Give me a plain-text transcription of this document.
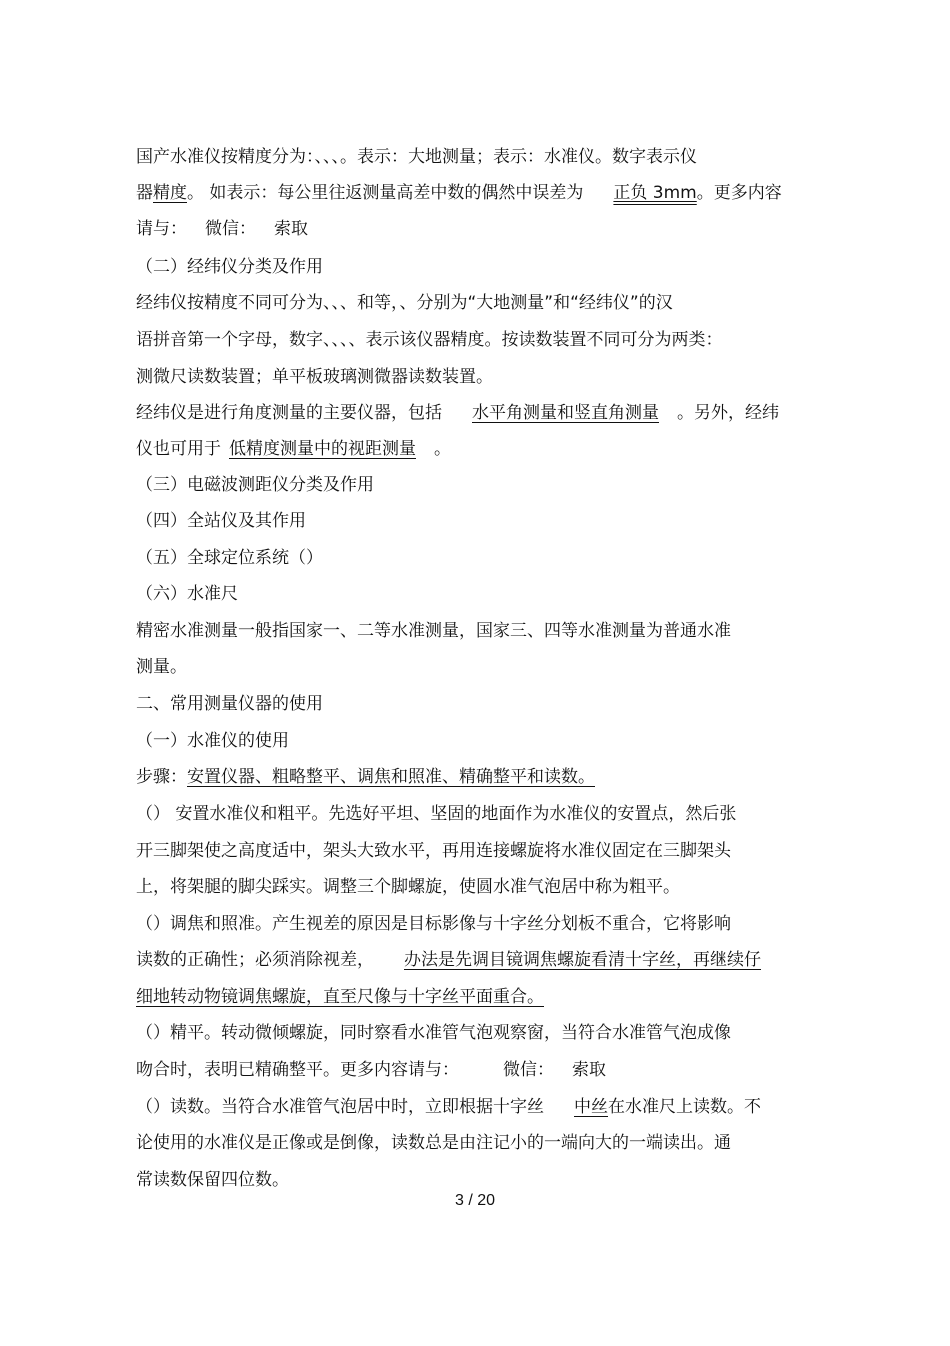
国产水准仪按精度分为：、、、。表示：大地测量；表示：水准仪。数字表示仪
器精度。 如表示：每公里往返测量高差中数的偶然中误差为 正负 3mm。更多内容
请与： 微信： 索取
（二）经纬仪分类及作用
经纬仪按精度不同可分为、、、和等，、分别为“大地测量”和“经纬仪”的汉
语拼音第一个字母，数字、、、、表示该仪器精度。按读数装置不同可分为两类：
测微尺读数装置；单平板玻璃测微器读数装置。
经纬仪是进行角度测量的主要仪器，包括 水平角测量和竖直角测量 。另外，经纬
仪也可用于 低精度测量中的视距测量 。
（三）电磁波测距仪分类及作用
（四）全站仪及其作用
（五）全球定位系统（）
（六）水准尺
精密水准测量一般指国家一、二等水准测量，国家三、四等水准测量为普通水准
测量。
二、常用测量仪器的使用
（一）水准仪的使用
步骤：安置仪器、粗略整平、调焦和照准、精确整平和读数。
（） 安置水准仪和粗平。先选好平坦、坚固的地面作为水准仪的安置点，然后张
开三脚架使之高度适中，架头大致水平，再用连接螺旋将水准仪固定在三脚架头
上，将架腿的脚尖踩实。调整三个脚螺旋，使圆水准气泡居中称为粗平。
（）调焦和照准。产生视差的原因是目标影像与十字丝分划板不重合，它将影响
读数的正确性；必须消除视差， 办法是先调目镜调焦螺旋看清十字丝，再继续仔
细地转动物镜调焦螺旋，直至尺像与十字丝平面重合。
（）精平。转动微倾螺旋，同时察看水准管气泡观察窗，当符合水准管气泡成像
吻合时，表明已精确整平。更多内容请与：	微信： 索取
（）读数。当符合水准管气泡居中时，立即根据十字丝 中丝在水准尺上读数。不
论使用的水准仪是正像或是倒像，读数总是由注记小的一端向大的一端读出。通
常读数保留四位数。
3 / 20
